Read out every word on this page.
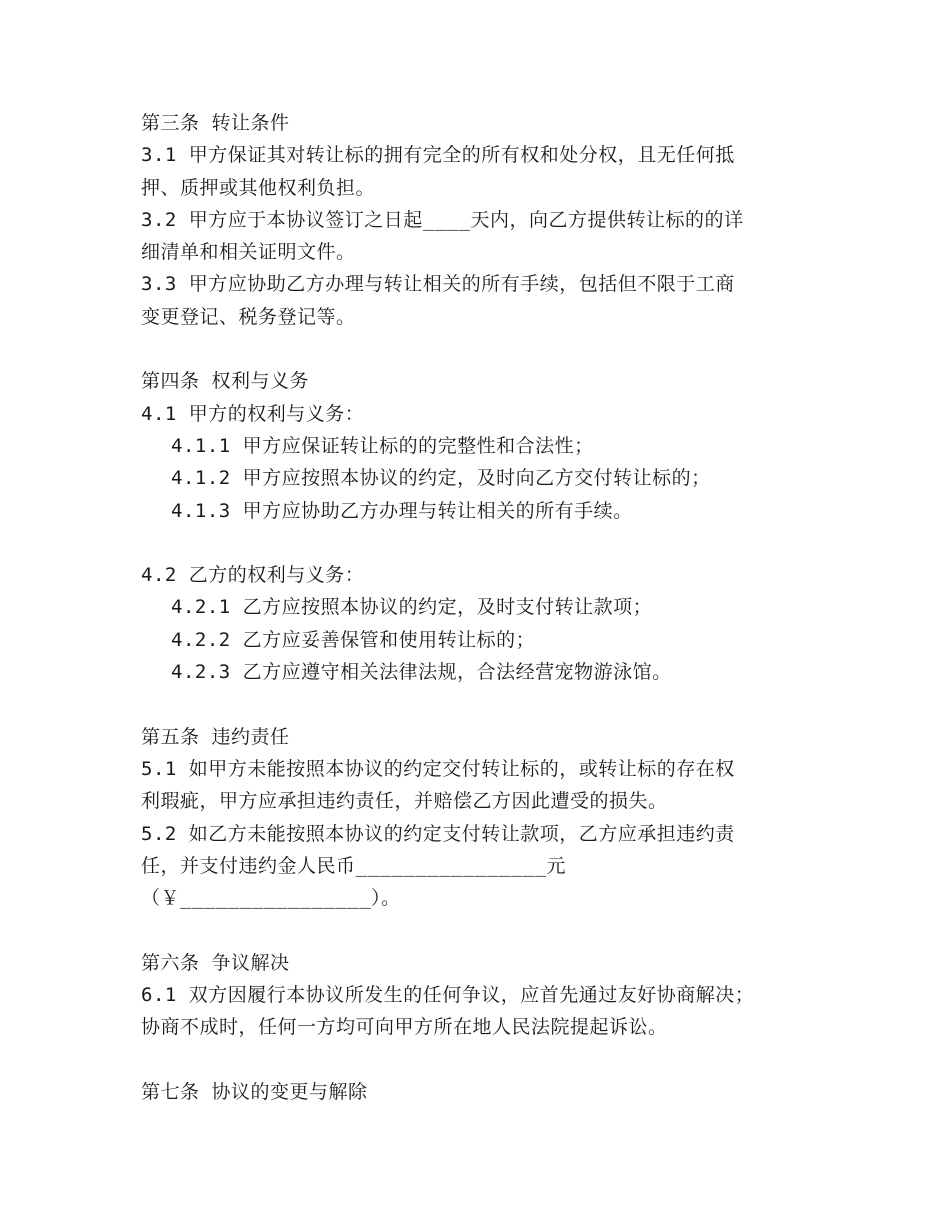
第三条 转让条件
3.1 甲方保证其对转让标的拥有完全的所有权和处分权，且无任何抵
押、质押或其他权利负担。
3.2 甲方应于本协议签订之日起____天内，向乙方提供转让标的的详
细清单和相关证明文件。
3.3 甲方应协助乙方办理与转让相关的所有手续，包括但不限于工商
变更登记、税务登记等。
第四条 权利与义务
4.1 甲方的权利与义务：
4.1.1 甲方应保证转让标的的完整性和合法性；
4.1.2 甲方应按照本协议的约定，及时向乙方交付转让标的；
4.1.3 甲方应协助乙方办理与转让相关的所有手续。
4.2 乙方的权利与义务：
4.2.1 乙方应按照本协议的约定，及时支付转让款项；
4.2.2 乙方应妥善保管和使用转让标的；
4.2.3 乙方应遵守相关法律法规，合法经营宠物游泳馆。
第五条 违约责任
5.1 如甲方未能按照本协议的约定交付转让标的，或转让标的存在权
利瑕疵，甲方应承担违约责任，并赔偿乙方因此遭受的损失。
5.2 如乙方未能按照本协议的约定支付转让款项，乙方应承担违约责
任，并支付违约金人民币________________元
（￥________________）。
第六条 争议解决
6.1 双方因履行本协议所发生的任何争议，应首先通过友好协商解决；
协商不成时，任何一方均可向甲方所在地人民法院提起诉讼。
第七条 协议的变更与解除
